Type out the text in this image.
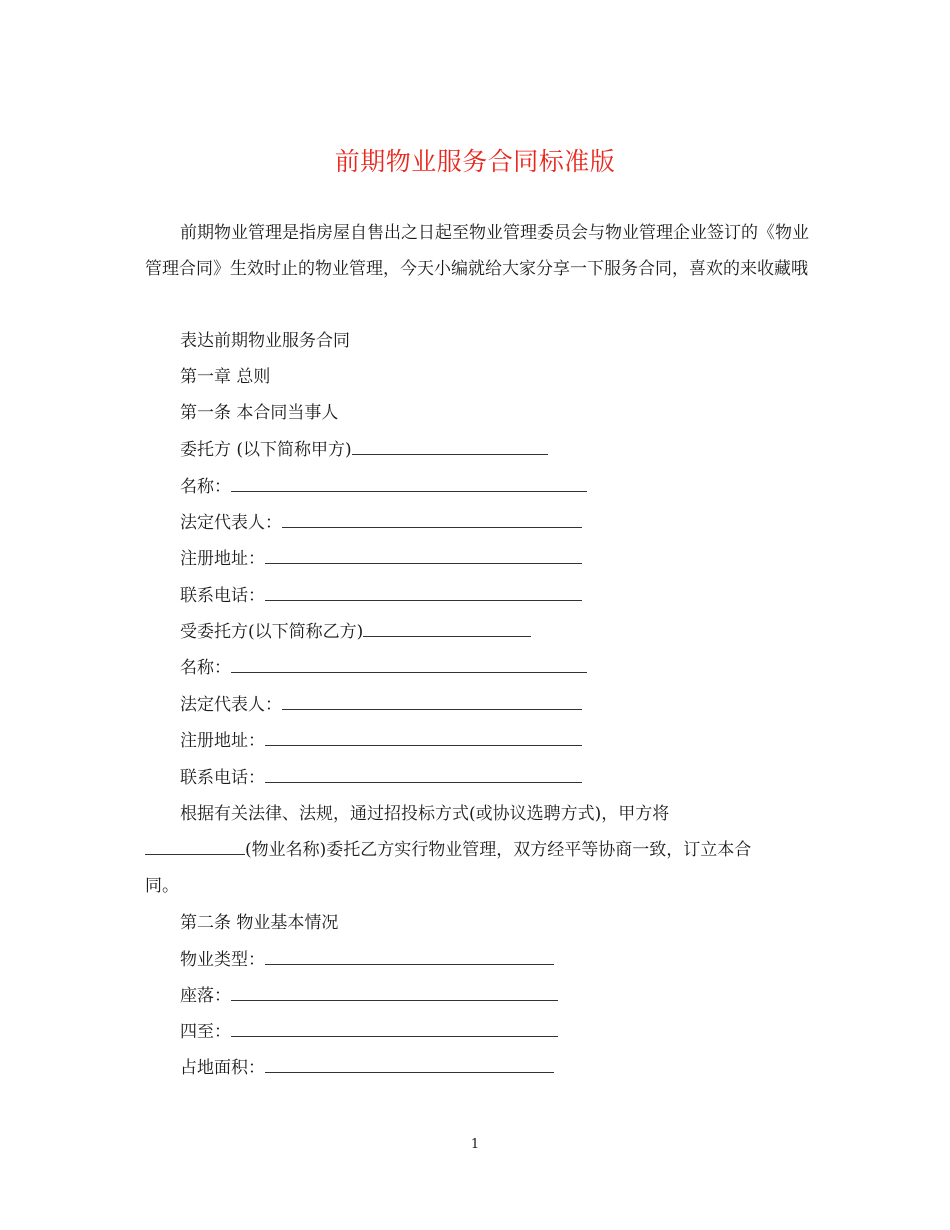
前期物业服务合同标准版
前期物业管理是指房屋自售出之日起至物业管理委员会与物业管理企业签订的《物业管理合同》生效时止的物业管理，今天小编就给大家分享一下服务合同，喜欢的来收藏哦
表达前期物业服务合同
第一章 总则
第一条 本合同当事人
委托方 (以下简称甲方)
名称：
法定代表人：
注册地址：
联系电话：
受委托方(以下简称乙方)
名称：
法定代表人：
注册地址：
联系电话：
根据有关法律、法规，通过招投标方式(或协议选聘方式)，甲方将
(物业名称)委托乙方实行物业管理，双方经平等协商一致，订立本合
同。
第二条 物业基本情况
物业类型：
座落：
四至：
占地面积：
1
